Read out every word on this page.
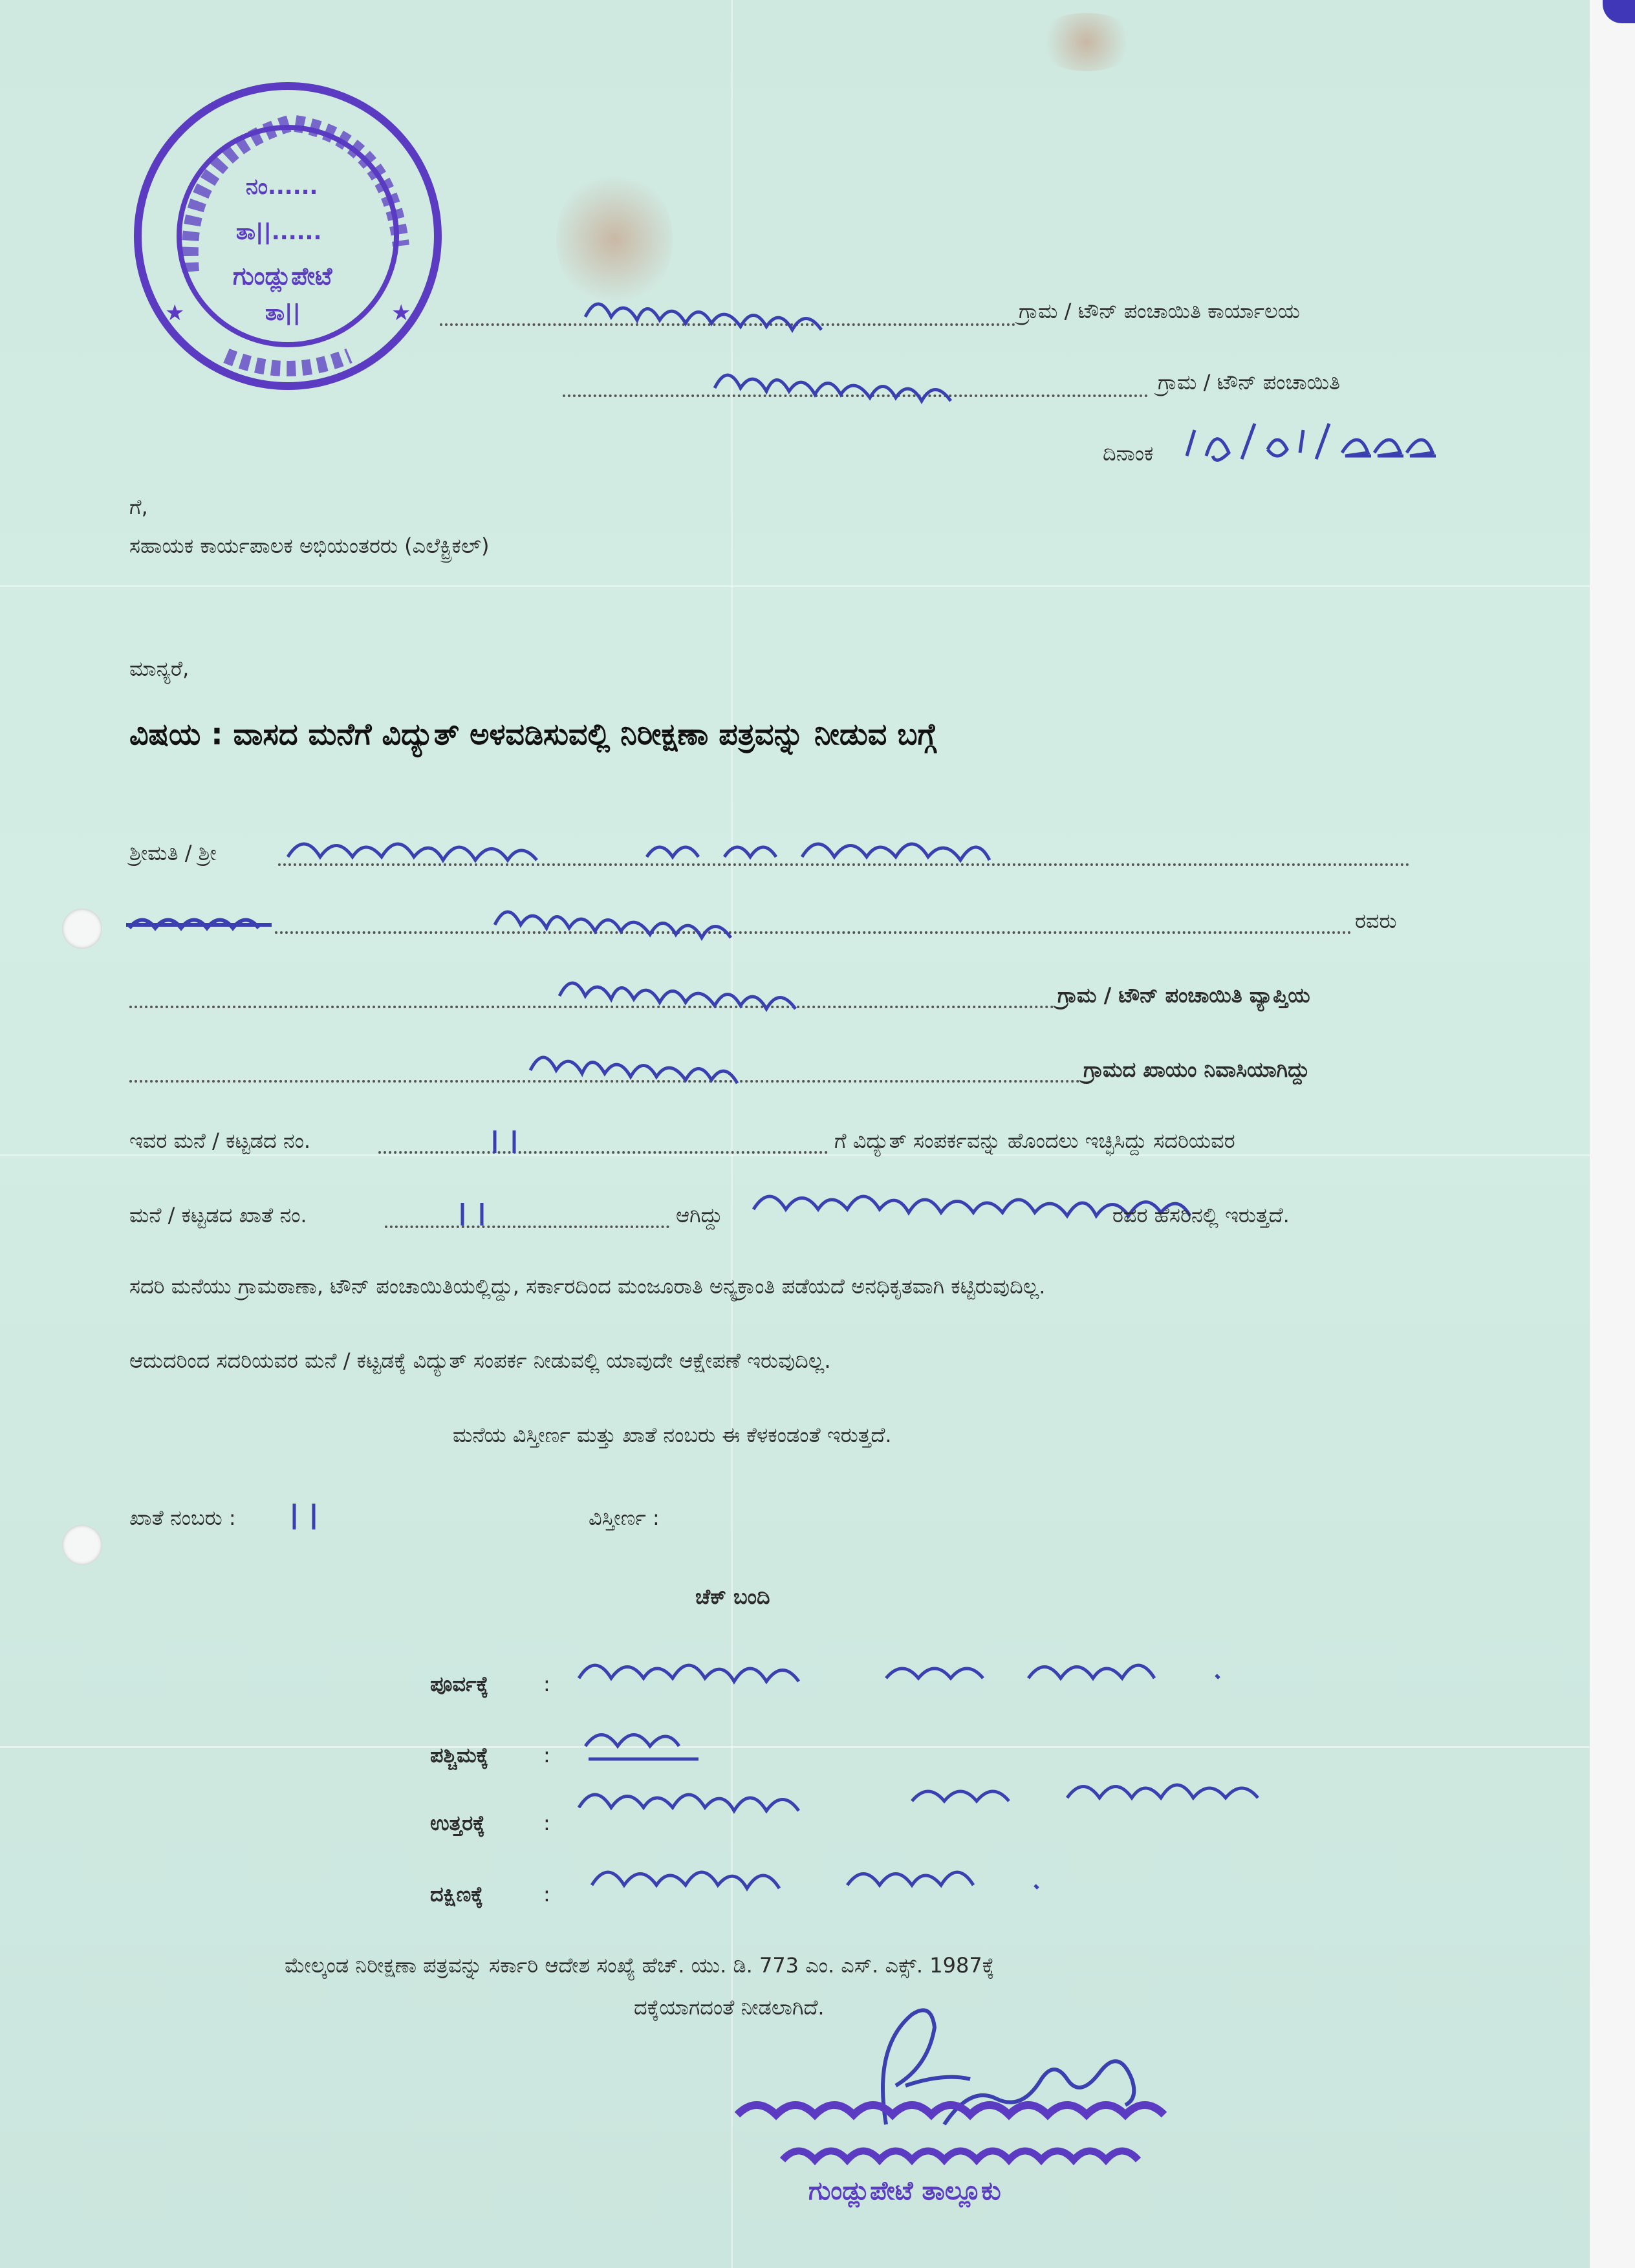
★	★
ನಂ......
ತಾ||......
ಗುಂಡ್ಲುಪೇಟೆ
ತಾ||	ಗ್ರಾಮ / ಟೌನ್ ಪಂಚಾಯಿತಿ ಕಾರ್ಯಾಲಯ
ಗ್ರಾಮ / ಟೌನ್ ಪಂಚಾಯಿತಿ
ದಿನಾಂಕ
ಗೆ,
ಸಹಾಯಕ ಕಾರ್ಯಪಾಲಕ ಅಭಿಯಂತರರು (ಎಲೆಕ್ಟ್ರಿಕಲ್)
ಮಾನ್ಯರೆ,
ವಿಷಯ : ವಾಸದ ಮನೆಗೆ ವಿದ್ಯುತ್ ಅಳವಡಿಸುವಲ್ಲಿ ನಿರೀಕ್ಷಣಾ ಪತ್ರವನ್ನು ನೀಡುವ ಬಗ್ಗೆ
ಶ್ರೀಮತಿ / ಶ್ರೀ
ರವರು
ಗ್ರಾಮ / ಟೌನ್ ಪಂಚಾಯಿತಿ ವ್ಯಾಪ್ತಿಯ
ಗ್ರಾಮದ ಖಾಯಂ ನಿವಾಸಿಯಾಗಿದ್ದು
ಇವರ ಮನೆ / ಕಟ್ಟಡದ ನಂ.	ಗೆ ವಿದ್ಯುತ್ ಸಂಪರ್ಕವನ್ನು ಹೊಂದಲು ಇಚ್ಛಿಸಿದ್ದು ಸದರಿಯವರ
ಮನೆ / ಕಟ್ಟಡದ ಖಾತೆ ನಂ.	ಆಗಿದ್ದು	ರವರ ಹೆಸರಿನಲ್ಲಿ ಇರುತ್ತದೆ.
ಸದರಿ ಮನೆಯು ಗ್ರಾಮಠಾಣಾ, ಟೌನ್ ಪಂಚಾಯಿತಿಯಲ್ಲಿದ್ದು, ಸರ್ಕಾರದಿಂದ ಮಂಜೂರಾತಿ ಅನ್ಯಕ್ರಾಂತಿ ಪಡೆಯದೆ ಅನಧಿಕೃತವಾಗಿ ಕಟ್ಟಿರುವುದಿಲ್ಲ.
ಆದುದರಿಂದ ಸದರಿಯವರ ಮನೆ / ಕಟ್ಟಡಕ್ಕೆ ವಿದ್ಯುತ್ ಸಂಪರ್ಕ ನೀಡುವಲ್ಲಿ ಯಾವುದೇ ಆಕ್ಷೇಪಣೆ ಇರುವುದಿಲ್ಲ.
ಮನೆಯ ವಿಸ್ತೀರ್ಣ ಮತ್ತು ಖಾತೆ ನಂಬರು ಈ ಕೆಳಕಂಡಂತೆ ಇರುತ್ತದೆ.
ಖಾತೆ ನಂಬರು :	ವಿಸ್ತೀರ್ಣ :
ಚೆಕ್ ಬಂದಿ
ಪೂರ್ವಕ್ಕೆ	:
ಪಶ್ಚಿಮಕ್ಕೆ	:
ಉತ್ತರಕ್ಕೆ	:
ದಕ್ಷಿಣಕ್ಕೆ	:
ಮೇಲ್ಕಂಡ ನಿರೀಕ್ಷಣಾ ಪತ್ರವನ್ನು ಸರ್ಕಾರಿ ಆದೇಶ ಸಂಖ್ಯೆ ಹೆಚ್. ಯು. ಡಿ. 773 ಎಂ. ಎಸ್. ಎಕ್ಸ್. 1987ಕ್ಕೆ
ದಕ್ಕೆಯಾಗದಂತೆ ನೀಡಲಾಗಿದೆ.
ಗುಂಡ್ಲುಪೇಟೆ ತಾಲ್ಲೂಕು
